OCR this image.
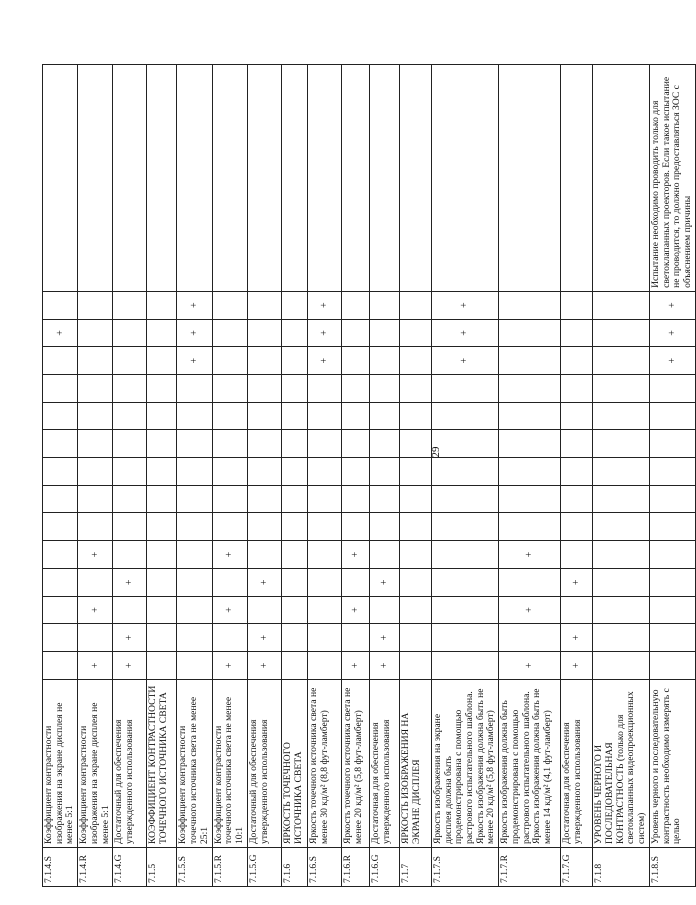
29
7.1.4.S	Коэффициент контрастности изображения на экране дисплея не менее 5:1													+		
7.1.4.R	Коэффициент контрастности изображения на экране дисплея не менее 5:1	+		+		+										
7.1.4.G	Достаточный для обеспечения утвержденного использования	+	+		+											
7.1.5	КОЭФФИЦИЕНТ КОНТРАСТНОСТИ ТОЧЕЧНОГО ИСТОЧНИКА СВЕТА															
7.1.5.S	Коэффициент контрастности точечного источника света не менее 25:1												+	+	+	
7.1.5.R	Коэффициент контрастности точечного источника света не менее 10:1	+		+		+										
7.1.5.G	Достаточный для обеспечения утвержденного использования	+	+		+											
7.1.6	ЯРКОСТЬ ТОЧЕЧНОГО ИСТОЧНИКА СВЕТА															
7.1.6.S	Яркость точечного источника света не менее 30 кд/м² (8,8 фут-ламберт)												+	+	+	
7.1.6.R	Яркость точечного источника света не менее 20 кд/м² (5,8 фут-ламберт)	+		+		+										
7.1.6.G	Достаточная для обеспечения утвержденного использования	+	+		+											
7.1.7	ЯРКОСТЬ ИЗОБРАЖЕНИЯ НА ЭКРАНЕ ДИСПЛЕЯ															
7.1.7.S	Яркость изображения на экране дисплея должна быть продемонстрирована с помощью растрового испытательного шаблона. Яркость изображения должна быть не менее 20 кд/м² (5,8 фут-ламберт)												+	+	+	
7.1.7.R	Яркость изображения должна быть продемонстрирована с помощью растрового испытательного шаблона. Яркость изображения должна быть не менее 14 кд/м² (4,1 фут-ламберт)	+		+		+										
7.1.7.G	Достаточная для обеспечения утвержденного использования	+	+		+											
7.1.8	УРОВЕНЬ ЧЕРНОГО И ПОСЛЕДОВАТЕЛЬНАЯ КОНТРАСТНОСТЬ (только для светоклапанных видеопроекционных систем)															
7.1.8.S	Уровень черного и последовательную контрастность необходимо измерять с целью												+	+	+	Испытание необходимо проводить только для светоклапанных проекторов. Если такое испытание не проводится, то должно предоставляться ЗОС с объяснением причины
